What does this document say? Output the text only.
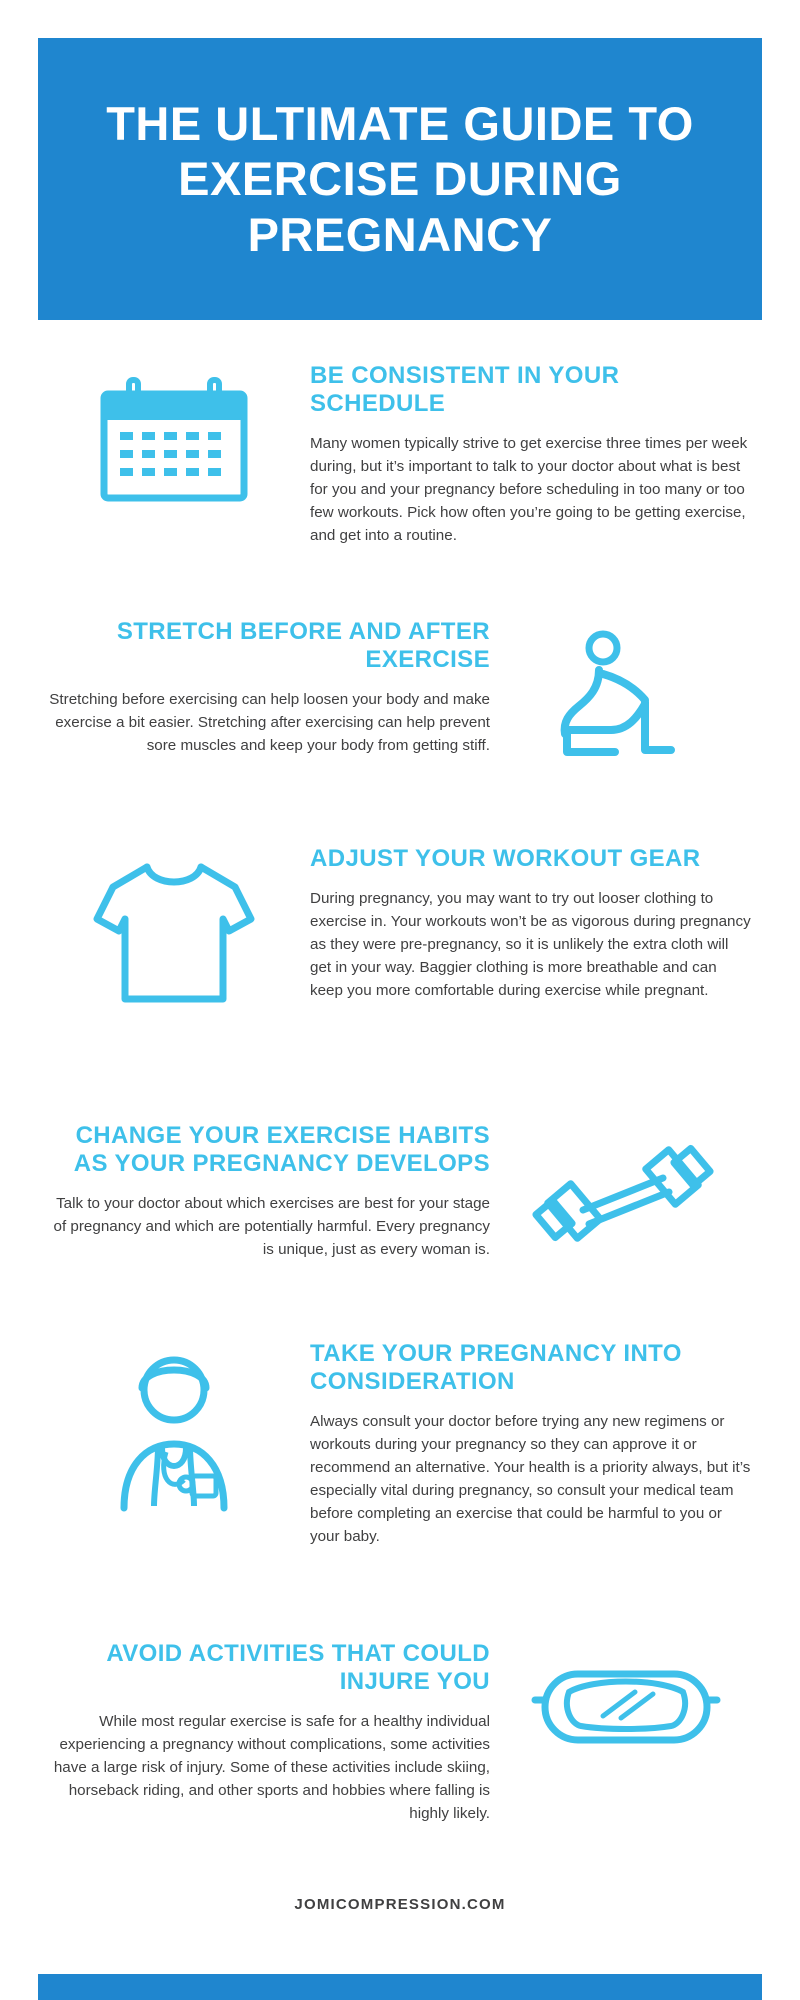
THE ULTIMATE GUIDE TO EXERCISE DURING PREGNANCY
BE CONSISTENT IN YOUR SCHEDULE

Many women typically strive to get exercise three times per week during, but it’s important to talk to your doctor about what is best for you and your pregnancy before scheduling in too many or too few workouts. Pick how often you’re going to be getting exercise, and get into a routine.

STRETCH BEFORE AND AFTER EXERCISE

Stretching before exercising can help loosen your body and make exercise a bit easier. Stretching after exercising can help prevent sore muscles and keep your body from getting stiff.

ADJUST YOUR WORKOUT GEAR

During pregnancy, you may want to try out looser clothing to exercise in. Your workouts won’t be as vigorous during pregnancy as they were pre-pregnancy, so it is unlikely the extra cloth will get in your way. Baggier clothing is more breathable and can keep you more comfortable during exercise while pregnant.

CHANGE YOUR EXERCISE HABITS AS YOUR PREGNANCY DEVELOPS

Talk to your doctor about which exercises are best for your stage of pregnancy and which are potentially harmful. Every pregnancy is unique, just as every woman is.

TAKE YOUR PREGNANCY INTO CONSIDERATION

Always consult your doctor before trying any new regimens or workouts during your pregnancy so they can approve it or recommend an alternative. Your health is a priority always, but it’s especially vital during pregnancy, so consult your medical team before completing an exercise that could be harmful to you or your baby.

AVOID ACTIVITIES THAT COULD INJURE YOU

While most regular exercise is safe for a healthy individual experiencing a pregnancy without complications, some activities have a large risk of injury. Some of these activities include skiing, horseback riding, and other sports and hobbies where falling is highly likely.

JOMICOMPRESSION.COM
